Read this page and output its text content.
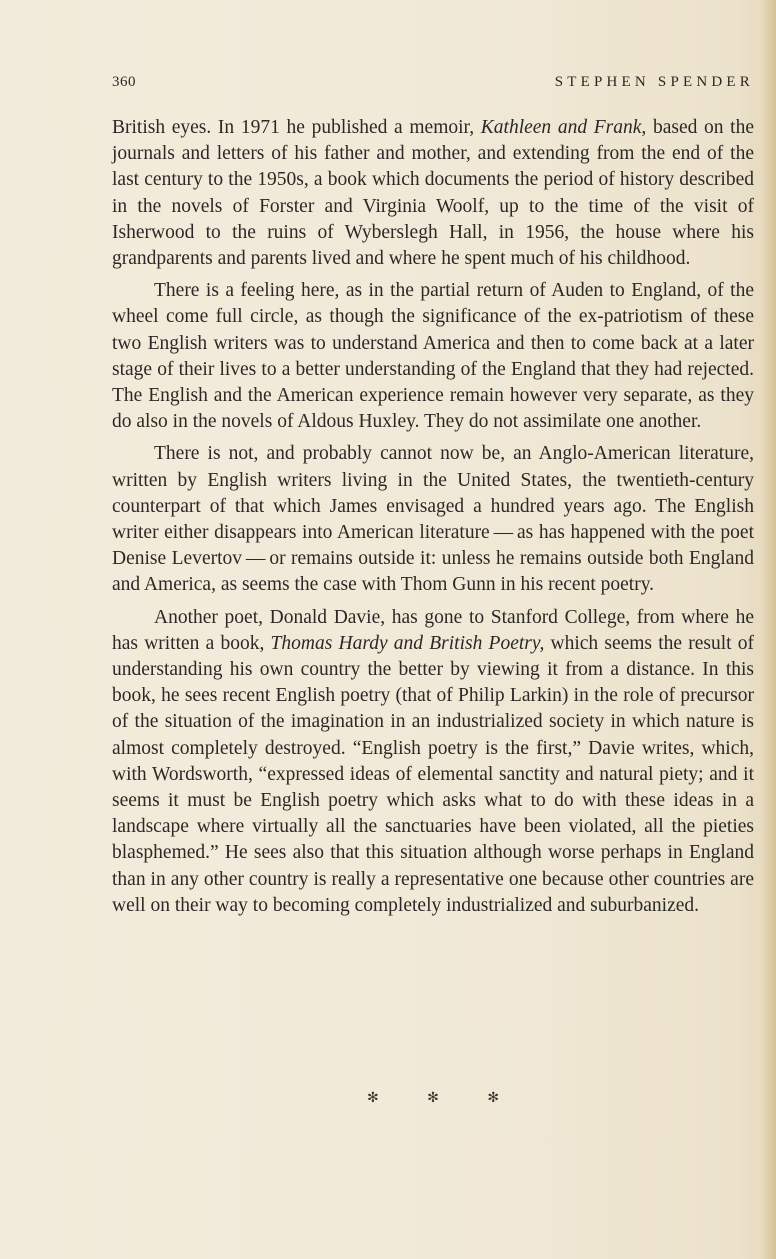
360	STEPHEN SPENDER

British eyes. In 1971 he published a memoir, Kathleen and Frank, based on the journals and letters of his father and mother, and extending from the end of the last century to the 1950s, a book which documents the period of history described in the novels of Forster and Virginia Woolf, up to the time of the visit of Isherwood to the ruins of Wyberslegh Hall, in 1956, the house where his grandparents and parents lived and where he spent much of his childhood.

There is a feeling here, as in the partial return of Auden to England, of the wheel come full circle, as though the significance of the ex-patriotism of these two English writers was to understand America and then to come back at a later stage of their lives to a better understanding of the England that they had rejected. The English and the American experience remain however very separate, as they do also in the novels of Aldous Huxley. They do not assimilate one another.

There is not, and probably cannot now be, an Anglo-American literature, written by English writers living in the United States, the twentieth-century counterpart of that which James envisaged a hundred years ago. The English writer either disappears into American literature — as has happened with the poet Denise Levertov — or remains outside it: unless he remains outside both England and America, as seems the case with Thom Gunn in his recent poetry.

Another poet, Donald Davie, has gone to Stanford College, from where he has written a book, Thomas Hardy and British Poetry, which seems the result of understanding his own country the better by viewing it from a distance. In this book, he sees recent English poetry (that of Philip Larkin) in the role of precursor of the situation of the imagination in an industrialized society in which nature is almost completely destroyed. “English poetry is the first,” Davie writes, which, with Wordsworth, “expressed ideas of elemental sanctity and natural piety; and it seems it must be English poetry which asks what to do with these ideas in a landscape where virtually all the sanctuaries have been violated, all the pieties blasphemed.” He sees also that this situation although worse perhaps in England than in any other country is really a representative one because other countries are well on their way to becoming completely industrialized and suburbanized.

✻	✻	✻
